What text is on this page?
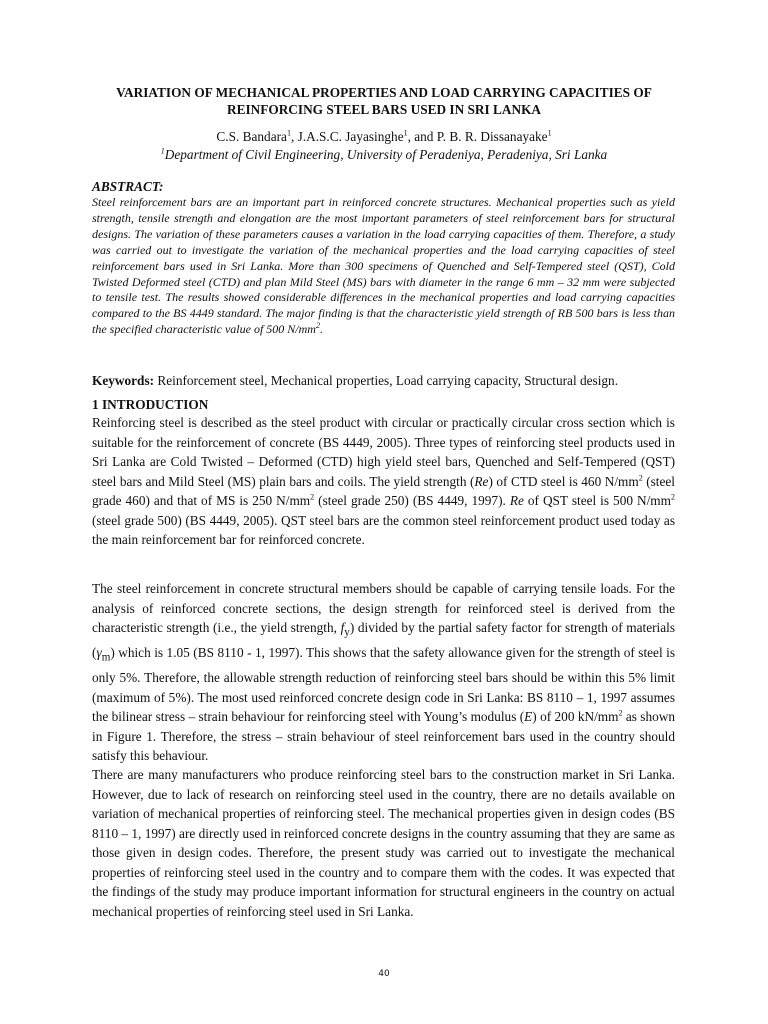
VARIATION OF MECHANICAL PROPERTIES AND LOAD CARRYING CAPACITIES OF
REINFORCING STEEL BARS USED IN SRI LANKA
C.S. Bandara$^1$, J.A.S.C. Jayasinghe$^1$, and P. B. R. Dissanayake$^1$
$^1$Department of Civil Engineering, University of Peradeniya, Peradeniya, Sri Lanka
ABSTRACT:

Steel reinforcement bars are an important part in reinforced concrete structures. Mechanical properties such as yield strength, tensile strength and elongation are the most important parameters of steel reinforcement bars for structural designs. The variation of these parameters causes a variation in the load carrying capacities of them. Therefore, a study was carried out to investigate the variation of the mechanical properties and the load carrying capacities of steel reinforcement bars used in Sri Lanka. More than 300 specimens of Quenched and Self-Tempered steel (QST), Cold Twisted Deformed steel (CTD) and plan Mild Steel (MS) bars with diameter in the range 6 mm – 32 mm were subjected to tensile test. The results showed considerable differences in the mechanical properties and load carrying capacities compared to the BS 4449 standard. The major finding is that the characteristic yield strength of RB 500 bars is less than the specified characteristic value of 500 $N/mm^2$.

Keywords: Reinforcement steel, Mechanical properties, Load carrying capacity, Structural design.

1 INTRODUCTION

Reinforcing steel is described as the steel product with circular or practically circular cross section which is suitable for the reinforcement of concrete (BS 4449, 2005). Three types of reinforcing steel products used in Sri Lanka are Cold Twisted – Deformed (CTD) high yield steel bars, Quenched and Self-Tempered (QST) steel bars and Mild Steel (MS) plain bars and coils. The yield strength (Re) of CTD steel is 460 $N/mm^2$ (steel grade 460) and that of MS is 250 $N/mm^2$ (steel grade 250) (BS 4449, 1997). Re of QST steel is 500 $N/mm^2$ (steel grade 500) (BS 4449, 2005). QST steel bars are the common steel reinforcement product used today as the main reinforcement bar for reinforced concrete.

The steel reinforcement in concrete structural members should be capable of carrying tensile loads. For the analysis of reinforced concrete sections, the design strength for reinforced steel is derived from the characteristic strength (i.e., the yield strength, $f_y$) divided by the partial safety factor for strength of materials $(\gamma_m)$ which is 1.05 (BS 8110 - 1, 1997). This shows that the safety allowance given for the strength of steel is only 5%. Therefore, the allowable strength reduction of reinforcing steel bars should be within this 5% limit (maximum of 5%). The most used reinforced concrete design code in Sri Lanka: BS 8110 – 1, 1997 assumes the bilinear stress – strain behaviour for reinforcing steel with Young’s modulus (E) of 200 $kN/mm^2$ as shown in Figure 1. Therefore, the stress – strain behaviour of steel reinforcement bars used in the country should satisfy this behaviour.

There are many manufacturers who produce reinforcing steel bars to the construction market in Sri Lanka. However, due to lack of research on reinforcing steel used in the country, there are no details available on variation of mechanical properties of reinforcing steel. The mechanical properties given in design codes (BS 8110 – 1, 1997) are directly used in reinforced concrete designs in the country assuming that they are same as those given in design codes. Therefore, the present study was carried out to investigate the mechanical properties of reinforcing steel used in the country and to compare them with the codes. It was expected that the findings of the study may produce important information for structural engineers in the country on actual mechanical properties of reinforcing steel used in Sri Lanka.

40
